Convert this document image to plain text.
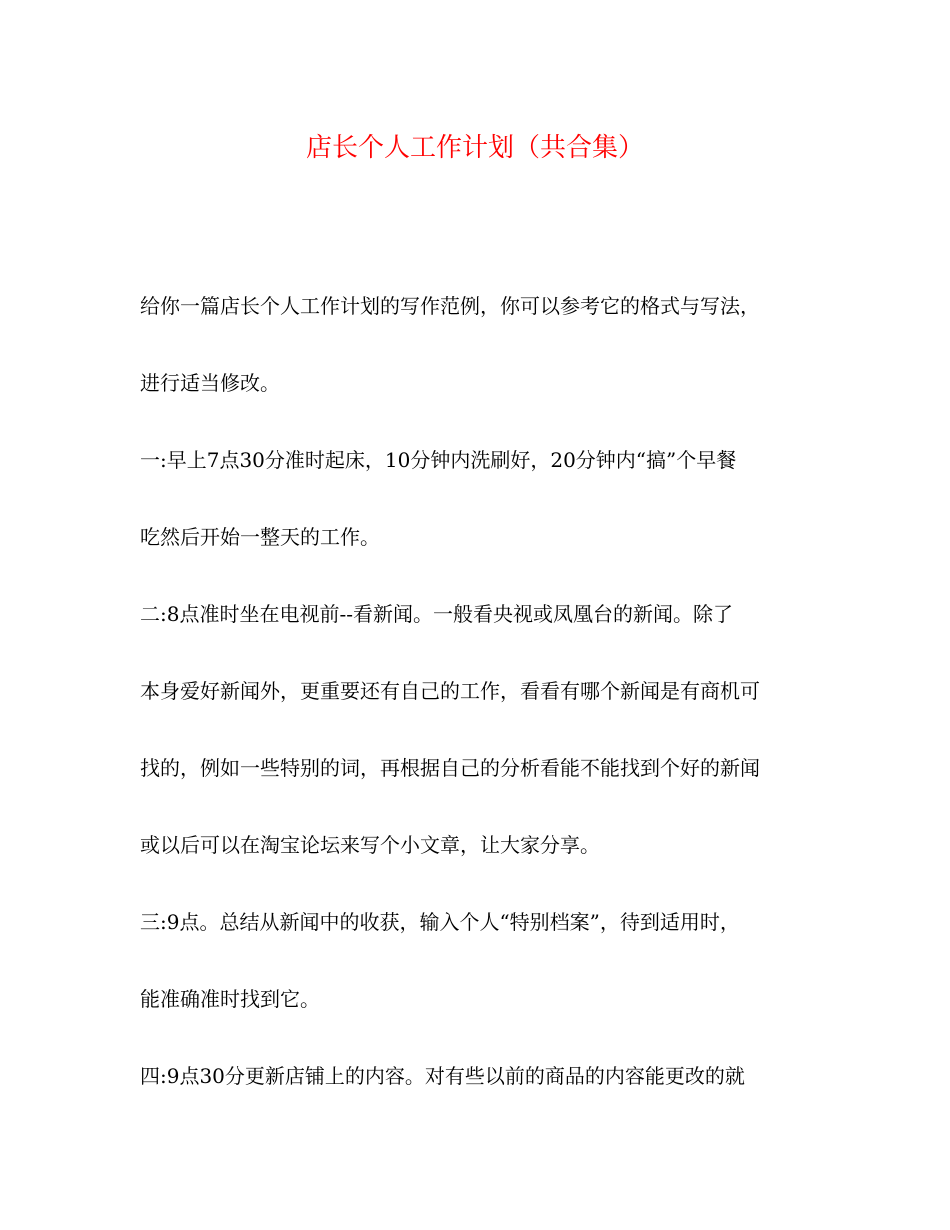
店长个人工作计划（共合集）
给你一篇店长个人工作计划的写作范例，你可以参考它的格式与写法，
进行适当修改。
一:早上7点30分准时起床，10分钟内洗刷好，20分钟内“搞”个早餐
吃然后开始一整天的工作。
二:8点准时坐在电视前--看新闻。一般看央视或凤凰台的新闻。除了
本身爱好新闻外，更重要还有自己的工作，看看有哪个新闻是有商机可
找的，例如一些特别的词，再根据自己的分析看能不能找到个好的新闻
或以后可以在淘宝论坛来写个小文章，让大家分享。
三:9点。总结从新闻中的收获，输入个人“特别档案”，待到适用时，
能准确准时找到它。
四:9点30分更新店铺上的内容。对有些以前的商品的内容能更改的就
